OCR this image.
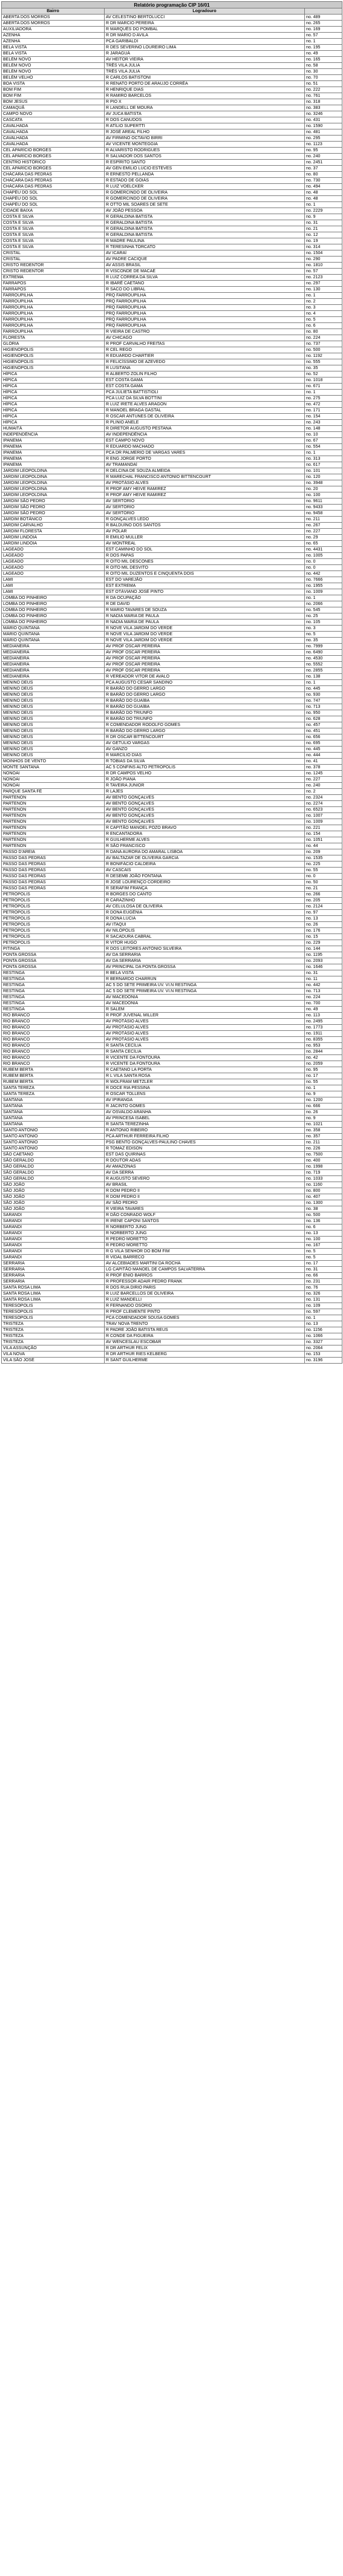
Relatório programação CIP 16/01		
Bairro	Logradouro	
ABERTA DOS MORROS	AV CELESTINO BERTOLUCCI	no. 489
ABERTA DOS MORROS	R DR MARCIO PEREIRA	no. 265
AUXILIADORA	R MARQUÊS DO POMBAL	no. 169
AZENHA	R DR MARIO D AVILA	no. 57
AZENHA	PCA GARIBALDI	no. 1
BELA VISTA	R DES SEVERINO LOUREIRO LIMA	no. 195
BELA VISTA	R JARAGUÁ	no. 49
BELÉM NOVO	AV HEITOR VIEIRA	no. 165
BELÉM NOVO	TRÊS VILA JÚLIA	no. 58
BELÉM NOVO	TRÊS VILA JÚLIA	no. 30
BELÉM VELHO	R CARLOS BATISTONI	no. 70
BOA VISTA	R RENATO PORTO DE ARAÚJO CORRÊA	no. 51
BOM FIM	R HENRIQUE DIAS	no. 222
BOM FIM	R RAMIRO BARCELOS	no. 761
BOM JESUS	R PIO X	no. 318
CAMAQUÃ	R LANDELL DE MOURA	no. 383
CAMPO NOVO	AV JUCA BATISTA	no. 3246
CASCATA	R DOS CANUDOS	no. 431
CAVALHADA	R ATÍLIO SUPERTTI	no. 1590
CAVALHADA	R JOSÉ AREAL FILHO	no. 481
CAVALHADA	AV FIRMINO OCTAVIO BIRRI	no. 295
CAVALHADA	AV VICENTE MONTEGGIA	no. 1123
CEL APARÍCIO BORGES	R ALVARISTO RODRIGUES	no. 95
CEL APARÍCIO BORGES	R SALVADOR DOS SANTOS	no. 240
CENTRO HISTÓRICO	R ESPÍRITO SANTO	no. 2451
CEL APARÍCIO BORGES	AV GEN EMÍLIO LÚCIO ESTEVES	no. 37
CHÁCARA DAS PEDRAS	R ERNESTO PELLANDA	no. 80
CHÁCARA DAS PEDRAS	R ESTADO DE GOIÁS	no. 730
CHÁCARA DAS PEDRAS	R LUIZ VOELCKER	no. 494
CHAPÉU DO SOL	R GOMERCINDO DE OLIVEIRA	no. 48
CHAPÉU DO SOL	R GOMERCINDO DE OLIVEIRA	no. 48
CHAPÉU DO SOL	R OTTO MIL SOARES DE SETE	no. 1
CIDADE BAIXA	AV JOÃO PESSOA	no. 2229
COSTA E SILVA	R GERALDINA BATISTA	no. 9
COSTA E SILVA	R GERALDINA BATISTA	no. 31
COSTA E SILVA	R GERALDINA BATISTA	no. 21
COSTA E SILVA	R GERALDINA BATISTA	no. 12
COSTA E SILVA	R MADRE PAULINA	no. 19
COSTA E SILVA	R TERESINHA TORCATO	no. 314
CRISTAL	AV ICARAÍ	no. 1504
CRISTAL	AV PADRE CACIQUE	no. 290
CRISTO REDENTOR	AV ASSIS BRASIL	no. 1810
CRISTO REDENTOR	R VISCONDE DE MACAÉ	no. 57
EXTREMA	R LUIZ CORREA DA SILVA	no. 2123
FARRAPOS	R IBARÊ CAETANO	no. 297
FARRAPOS	R SACO DO LIBRAL	no. 130
FARROUPILHA	PRQ FARROUPILHA	no. 1
FARROUPILHA	PRQ FARROUPILHA	no. 2
FARROUPILHA	PRQ FARROUPILHA	no. 3
FARROUPILHA	PRQ FARROUPILHA	no. 4
FARROUPILHA	PRQ FARROUPILHA	no. 5
FARROUPILHA	PRQ FARROUPILHA	no. 6
FARROUPILHA	R VIEIRA DE CASTRO	no. 80
FLORESTA	AV CHICAGO	no. 224
GLÓRIA	R PROF CARVALHO FREITAS	no. 737
HIGIENÓPOLIS	R CEL REGO	no. 500
HIGIENÓPOLIS	R EDUARDO CHARTIER	no. 1192
HIGIENÓPOLIS	R FELICÍSSIMO DE AZEVEDO	no. 555
HIGIENÓPOLIS	R LUSITANA	no. 35
HÍPICA	R ALBERTO ZOLIN FILHO	no. 52
HÍPICA	EST COSTA GAMA	no. 1018
HÍPICA	EST COSTA GAMA	no. 671
HÍPICA	PCA JULIETA BATTISTIOLI	no. 1
HÍPICA	PCA LUIZ DA SILVA BOTTINI	no. 275
HÍPICA	R LUIZ IRETE ALVES ARAGON	no. 472
HÍPICA	R MANOEL BRAGA GASTAL	no. 171
HÍPICA	R OSCAR ANTUNES DE OLIVEIRA	no. 154
HÍPICA	R PLINIO ANELE	no. 243
HUMAITÁ	R DIRETOR AUGUSTO PESTANA	no. 148
INDEPENDÊNCIA	AV INDEPENDÊNCIA	no. 10
IPANEMA	EST CAMPO NOVO	no. 67
IPANEMA	R EDUARDO MACHADO	no. 554
IPANEMA	PCA DR PALMERIO DE VARGAS VARES	no. 1
IPANEMA	R ENG JORGE PORTO	no. 313
IPANEMA	AV TRAMANDAÍ	no. 617
JARDIM LEOPOLDINA	R DELCINA DE SOUZA ALMEIDA	no. 101
JARDIM LEOPOLDINA	R MARECHAL FRANCISCO ANTONIO BITTENCOURT	no. 120
JARDIM LEOPOLDINA	AV PROTÁSIO ALVES	no. 3948
JARDIM LEOPOLDINA	R PROF AMY HEIVE RAMIREZ	no. 20
JARDIM LEOPOLDINA	R PROF AMY HEIVE RAMIREZ	no. 100
JARDIM SÃO PEDRO	AV SERTÓRIO	no. 9611
JARDIM SÃO PEDRO	AV SERTÓRIO	no. 9433
JARDIM SÃO PEDRO	AV SERTÓRIO	no. 9458
JARDIM BOTÂNICO	R GONÇALVES LEDO	no. 211
JARDIM CARVALHO	R BALDUÍNO DOS SANTOS	no. 267
JARDIM FLORESTA	AV POLAR	no. 227
JARDIM LINDÓIA	R EMILIO MULLER	no. 29
JARDIM LINDÓIA	AV MONTREAL	no. 65
LAGEADO	EST CAMINHO DO SOL	no. 4431
LAGEADO	R DOS PAPAS	no. 1005
LAGEADO	R OITO MIL DESCONES	no. 0
LAGEADO	R OITO MIL DESVITO	no. 0
LAGEADO	R OITO MIL DUZENTOS E CINQUENTA DOIS	no. 442
LAMI	EST DO VAREJÃO	no. 7666
LAMI	EST EXTREMA	no. 1955
LAMI	EST OTÁVIANO JOSÉ PINTO	no. 1009
LOMBA DO PINHEIRO	R DA OCUPAÇÃO	no. 1
LOMBA DO PINHEIRO	R DE DAVID	no. 2066
LOMBA DO PINHEIRO	R MARIO TAVARES DE SOUZA	no. 545
LOMBA DO PINHEIRO	R NADIA MARIA DE PAULA	no. 25
LOMBA DO PINHEIRO	R NADIA MARIA DE PAULA	no. 105
MÁRIO QUINTANA	R NOVE VILA JARDIM DO VERDE	no. 3
MÁRIO QUINTANA	R NOVE VILA JARDIM DO VERDE	no. 5
MÁRIO QUINTANA	R NOVE VILA JARDIM DO VERDE	no. 35
MEDIANEIRA	AV PROF OSCAR PEREIRA	no. 7999
MEDIANEIRA	AV PROF OSCAR PEREIRA	no. 6490
MEDIANEIRA	AV PROF OSCAR PEREIRA	no. 4530
MEDIANEIRA	AV PROF OSCAR PEREIRA	no. 5552
MEDIANEIRA	AV PROF OSCAR PEREIRA	no. 2855
MEDIANEIRA	R VEREADOR VITOR DE AVALO	no. 138
MENINO DEUS	PCA AUGUSTO CESAR SANDINO	no. 1
MENINO DEUS	R BARÃO DO GERRO LARGO	no. 445
MENINO DEUS	R BARÃO DO GERRO LARGO	no. 930
MENINO DEUS	R BARÃO DO GUAÍBA	no. 747
MENINO DEUS	R BARÃO DO GUAÍBA	no. 713
MENINO DEUS	R BARÃO DO TRIUNFO	no. 950
MENINO DEUS	R BARÃO DO TRIUNFO	no. 628
MENINO DEUS	R COMENDADOR RODOLFO GOMES	no. 457
MENINO DEUS	R BARÃO DO GERRO LARGO	no. 451
MENINO DEUS	R DR OSCAR BITTENCOURT	no. 656
MENINO DEUS	AV GETÚLIO VARGAS	no. 695
MENINO DEUS	AV GANZO	no. 445
MENINO DEUS	R MARCÍLIO DIAS	no. 444
MOINHOS DE VENTO	R TOBIAS DA SILVA	no. 41
MONTE SANTANA	AC 5 CONFINS ALTO PETRÓPOLIS	no. 378
NONOAI	R DR CAMPOS VELHO	no. 1245
NONOAI	R JOÃO PIANA	no. 227
NONOAI	R TAVEIRA JÚNIOR	no. 240
PARQUE SANTA FÉ	R LAJES	no. 2
PARTENON	AV BENTO GONÇALVES	no. 2324
PARTENON	AV BENTO GONÇALVES	no. 2274
PARTENON	AV BENTO GONÇALVES	no. 6523
PARTENON	AV BENTO GONÇALVES	no. 1007
PARTENON	AV BENTO GONÇALVES	no. 1009
PARTENON	R CAPITÃO MANOEL POZO BRAVO	no. 221
PARTENON	R ENCANTADORA	no. 154
PARTENON	R GUILHERME ALVES	no. 1051
PARTENON	R SÃO FRANCISCO	no. 44
PASSO D'AREIA	R DANA AURORA DO AMARAL LISBOA	no. 209
PASSO DAS PEDRAS	AV BALTAZAR DE OLIVEIRA GARCIA	no. 1535
PASSO DAS PEDRAS	R BONIFÁCIO CALDEIRA	no. 225
PASSO DAS PEDRAS	AV CASCAIS	no. 55
PASSO DAS PEDRAS	R DESEMB JOÃO FONTANA	no. 0
PASSO DAS PEDRAS	R JOSÉ LOURENÇO CORDEIRO	no. 50
PASSO DAS PEDRAS	R SERAFIM FRANÇA	no. 21
PETRÓPOLIS	R BORGES DO CANTO	no. 266
PETRÓPOLIS	R CARAZINHO	no. 205
PETRÓPOLIS	AV CELULOSA DE OLIVEIRA	no. 2124
PETRÓPOLIS	R DONA EUGÊNIA	no. 97
PETRÓPOLIS	R DONA LÚCIA	no. 13
PETRÓPOLIS	AV ITAQUI	no. 26
PETRÓPOLIS	AV NILÓPOLIS	no. 176
PETRÓPOLIS	R SACADURA CABRAL	no. 15
PETRÓPOLIS	R VITOR HUGO	no. 229
PITINGA	R DOS LEITORES ANTÔNIO SILVEIRA	no. 144
PONTA GROSSA	AV DA SERRARIA	no. 1195
PONTA GROSSA	AV DA SERRARIA	no. 2093
PONTA GROSSA	AV PRINCIPAL DA PONTA GROSSA	no. 1646
RESTINGA	R BELA VISTA	no. 31
RESTINGA	R BERNARDO CHARRUN	no. 11
RESTINGA	AC 5 DO SETE PRIMEIRA UV. VI.N RESTINGA	no. 442
RESTINGA	AC 5 DO SETE PRIMEIRA UV. VI.N RESTINGA	no. 713
RESTINGA	AV MACEDÔNIA	no. 224
RESTINGA	AV MACEDÔNIA	no. 700
RESTINGA	R SALEM	no. 49
RIO BRANCO	R PROF JUVENAL MILLER	no. 113
RIO BRANCO	AV PROTÁSIO ALVES	no. 2495
RIO BRANCO	AV PROTÁSIO ALVES	no. 1773
RIO BRANCO	AV PROTÁSIO ALVES	no. 1911
RIO BRANCO	AV PROTÁSIO ALVES	no. 8355
RIO BRANCO	R SANTA CECÍLIA	no. 953
RIO BRANCO	R SANTA CECÍLIA	no. 2844
RIO BRANCO	R VICENTE DA FONTOURA	no. 42
RIO BRANCO	R VICENTE DA FONTOURA	no. 2059
RUBEM BERTA	R CAETANO LA PORTA	no. 95
RUBEM BERTA	R L VILA SANTA ROSA	no. 17
RUBEM BERTA	R WOLFRAM METZLER	no. 55
SANTA TEREZA	R DOCE RIA PESSINA	no. 1
SANTA TEREZA	R OSCAR TOLLENS	no. 9
SANTANA	AV IPIRANGA	no. 1200
SANTANA	R JACINTO GOMES	no. 666
SANTANA	AV OSVALDO ARANHA	no. 26
SANTANA	AV PRINCESA ISABEL	no. 9
SANTANA	R SANTA TEREZINHA	no. 1021
SANTO ANTÔNIO	R ANTONIO RIBEIRO	no. 358
SANTO ANTÔNIO	PCA ARTHUR FERREIRA FILHO	no. 357
SANTO ANTÔNIO	PSG BENTO GONÇALVES-PAULINO CHAVES	no. 211
SANTO ANTÔNIO	R TOMAZ EDISON	no. 226
SÃO CAETANO	EST DAS QUIRINAS	no. 7500
SÃO GERALDO	R DOUTOR ADAS	no. 400
SÃO GERALDO	AV AMAZONAS	no. 1998
SÃO GERALDO	AV DA SERRA	no. 719
SÃO GERALDO	R AUGUSTO SEVERO	no. 1033
SÃO JOÃO	AV BRASIL	no. 1160
SÃO JOÃO	R DOM PEDRO II	no. 800
SÃO JOÃO	R DOM PEDRO II	no. 407
SÃO JOÃO	AV SÃO PEDRO	no. 1300
SÃO JOÃO	R VIEIRA TAVARES	no. 38
SARANDI	R DÃO CONRADO WOLF	no. 500
SARANDI	R IRENE CAPONI SANTOS	no. 136
SARANDI	R NORBERTO JUNG	no. 6
SARANDI	R NORBERTO JUNG	no. 13
SARANDI	R PEDRO MORETTO	no. 100
SARANDI	R PEDRO MORETTO	no. 167
SARANDI	R G VILA SENHOR DO BOM FIM	no. 5
SARANDI	R VIDAL BARRECO	no. 5
SERRARIA	AV ALCEBIADES MARTINI DA ROCHA	no. 17
SERRARIA	LG CAPITÃO MANOEL DE CAMPOS SALVATERRA	no. 31
SERRARIA	R PROF ENIO BARROS	no. 66
SERRARIA	R PROFESSOR ADAIR PEDRO FRANK	no. 231
SANTA ROSA LIMA	R DOS RUA DIRIO PARIS	no. 76
SANTA ROSA LIMA	R LUIZ BARCELLOS DE OLIVEIRA	no. 326
SANTA ROSA LIMA	R LUIZ MANDELLI	no. 131
TERESÓPOLIS	R FERNANDO OSÓRIO	no. 109
TERESÓPOLIS	R PROF CLEMENTE PINTO	no. 597
TERESÓPOLIS	PCA COMENDADOR SOUSA GOMES	no. 1
TRISTEZA	TRAV NOVA TRENTO	no. 13
TRISTEZA	R PADRE JOÃO BATISTA REUS	no. 1156
TRISTEZA	R CONDE DA FIGUEIRA	no. 1066
TRISTEZA	AV WENCESLAU ESCOBAR	no. 3327
VILA ASSUNÇÃO	R DR ARTHUR FELIX	no. 2064
VILA NOVA	R DR ARTHUR RIES KELBERG	no. 153
VILA SÃO JOSÉ	R SANT GUILHERME	no. 3196
